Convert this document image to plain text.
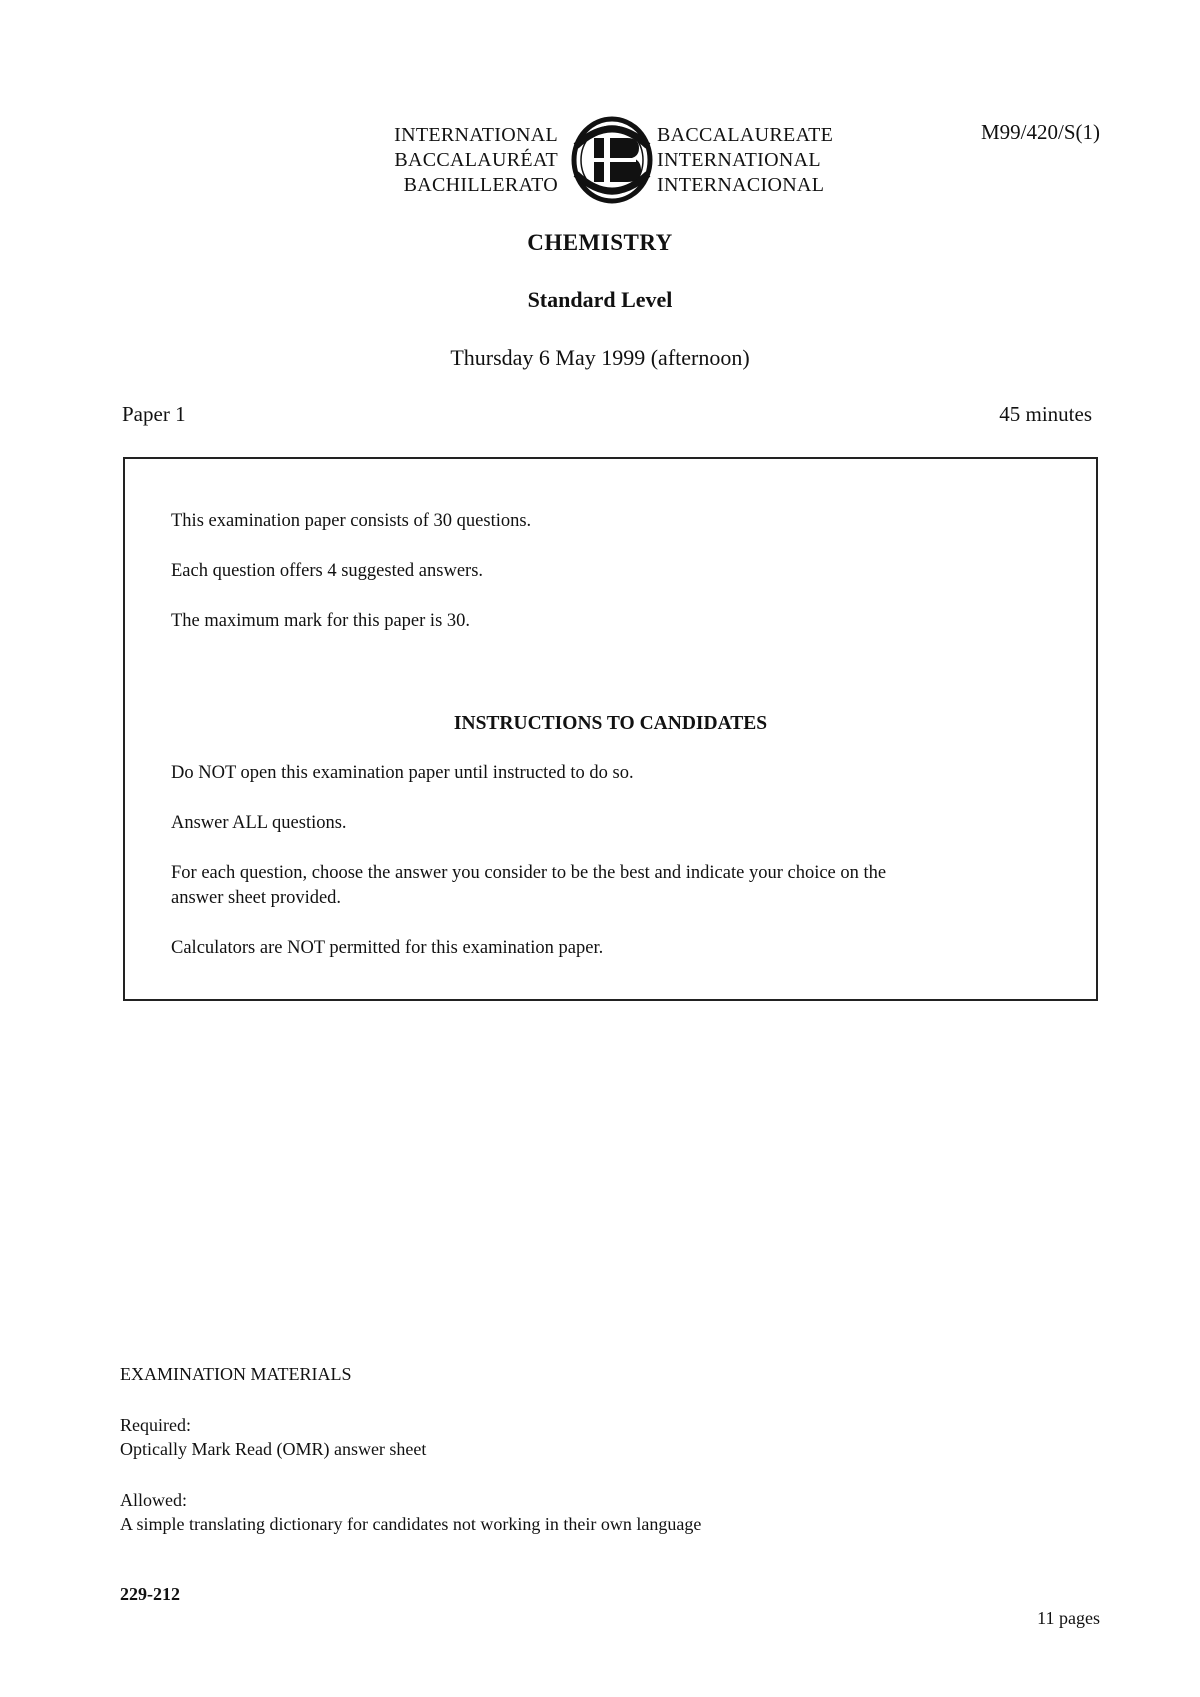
INTERNATIONAL
BACCALAURÉAT
BACHILLERATO
BACCALAUREATE
INTERNATIONAL
INTERNACIONAL
M99/420/S(1)
CHEMISTRY
Standard Level
Thursday 6 May 1999 (afternoon)
Paper 1	45 minutes

This examination paper consists of 30 questions.

Each question offers 4 suggested answers.

The maximum mark for this paper is 30.

INSTRUCTIONS TO CANDIDATES

Do NOT open this examination paper until instructed to do so.

Answer ALL questions.

For each question, choose the answer you consider to be the best and indicate your choice on the

answer sheet provided.

Calculators are NOT permitted for this examination paper.

EXAMINATION MATERIALS
Required:
Optically Mark Read (OMR) answer sheet
Allowed:
A simple translating dictionary for candidates not working in their own language
229-212
11 pages
